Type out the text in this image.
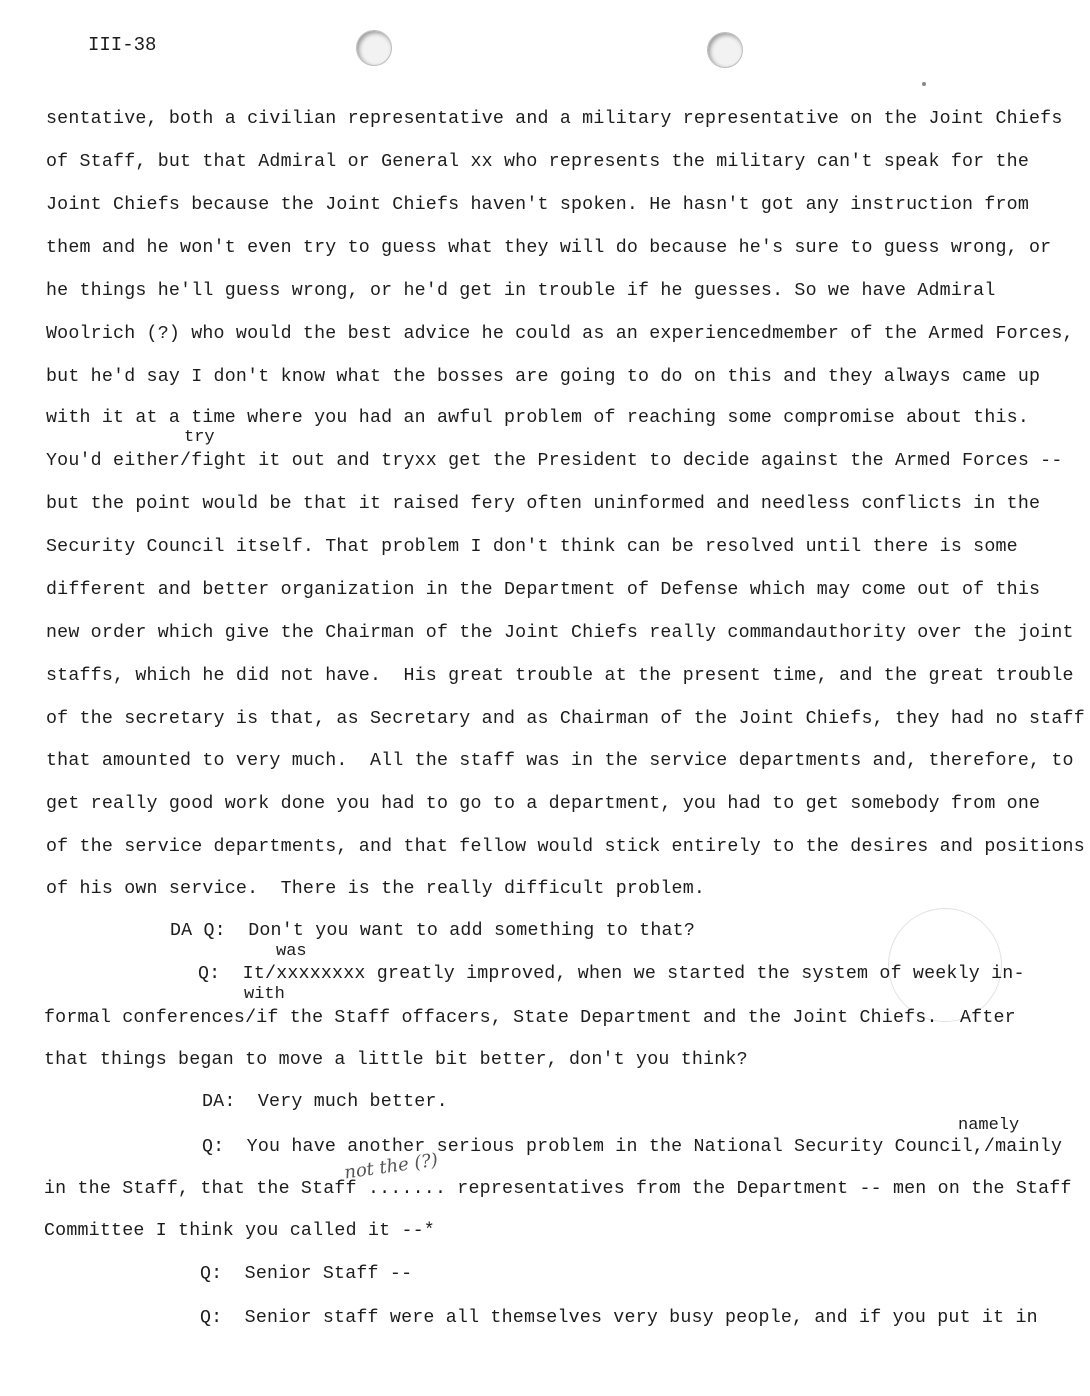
III-38
sentative, both a civilian representative and a military representative on the Joint Chiefs
of Staff, but that Admiral or General xx who represents the military can't speak for the
Joint Chiefs because the Joint Chiefs haven't spoken. He hasn't got any instruction from
them and he won't even try to guess what they will do because he's sure to guess wrong, or
he things he'll guess wrong, or he'd get in trouble if he guesses. So we have Admiral
Woolrich (?) who would the best advice he could as an experiencedmember of the Armed Forces,
but he'd say I don't know what the bosses are going to do on this and they always came up
with it at a time where you had an awful problem of reaching some compromise about this.
try
You'd either/fight it out and tryxx get the President to decide against the Armed Forces --
but the point would be that it raised fery often uninformed and needless conflicts in the
Security Council itself. That problem I don't think can be resolved until there is some
different and better organization in the Department of Defense which may come out of this
new order which give the Chairman of the Joint Chiefs really commandauthority over the joint
staffs, which he did not have.  His great trouble at the present time, and the great trouble
of the secretary is that, as Secretary and as Chairman of the Joint Chiefs, they had no staff
that amounted to very much.  All the staff was in the service departments and, therefore, to
get really good work done you had to go to a department, you had to get somebody from one
of the service departments, and that fellow would stick entirely to the desires and positions
of his own service.  There is the really difficult problem.
DA Q:  Don't you want to add something to that?
was
Q:  It/xxxxxxxx greatly improved, when we started the system of weekly in-
with
formal conferences/if the Staff offacers, State Department and the Joint Chiefs.  After
that things began to move a little bit better, don't you think?
DA:  Very much better.
namely
Q:  You have another serious problem in the National Security Council,/mainly
not the (?)
in the Staff, that the Staff ....... representatives from the Department -- men on the Staff
Committee I think you called it --*
Q:  Senior Staff --
Q:  Senior staff were all themselves very busy people, and if you put it in
